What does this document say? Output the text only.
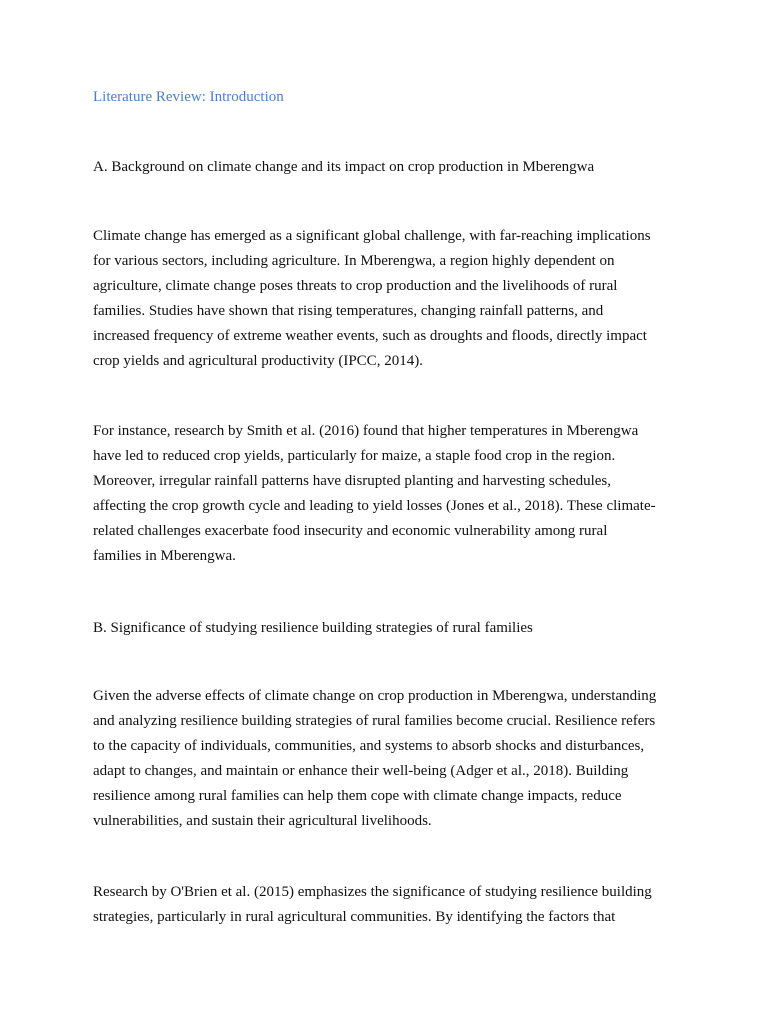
Literature Review: Introduction
A. Background on climate change and its impact on crop production in Mberengwa

Climate change has emerged as a significant global challenge, with far-reaching implications
for various sectors, including agriculture. In Mberengwa, a region highly dependent on
agriculture, climate change poses threats to crop production and the livelihoods of rural
families. Studies have shown that rising temperatures, changing rainfall patterns, and
increased frequency of extreme weather events, such as droughts and floods, directly impact
crop yields and agricultural productivity (IPCC, 2014).

For instance, research by Smith et al. (2016) found that higher temperatures in Mberengwa
have led to reduced crop yields, particularly for maize, a staple food crop in the region.
Moreover, irregular rainfall patterns have disrupted planting and harvesting schedules,
affecting the crop growth cycle and leading to yield losses (Jones et al., 2018). These climate-
related challenges exacerbate food insecurity and economic vulnerability among rural
families in Mberengwa.

B. Significance of studying resilience building strategies of rural families

Given the adverse effects of climate change on crop production in Mberengwa, understanding
and analyzing resilience building strategies of rural families become crucial. Resilience refers
to the capacity of individuals, communities, and systems to absorb shocks and disturbances,
adapt to changes, and maintain or enhance their well-being (Adger et al., 2018). Building
resilience among rural families can help them cope with climate change impacts, reduce
vulnerabilities, and sustain their agricultural livelihoods.

Research by O'Brien et al. (2015) emphasizes the significance of studying resilience building
strategies, particularly in rural agricultural communities. By identifying the factors that
